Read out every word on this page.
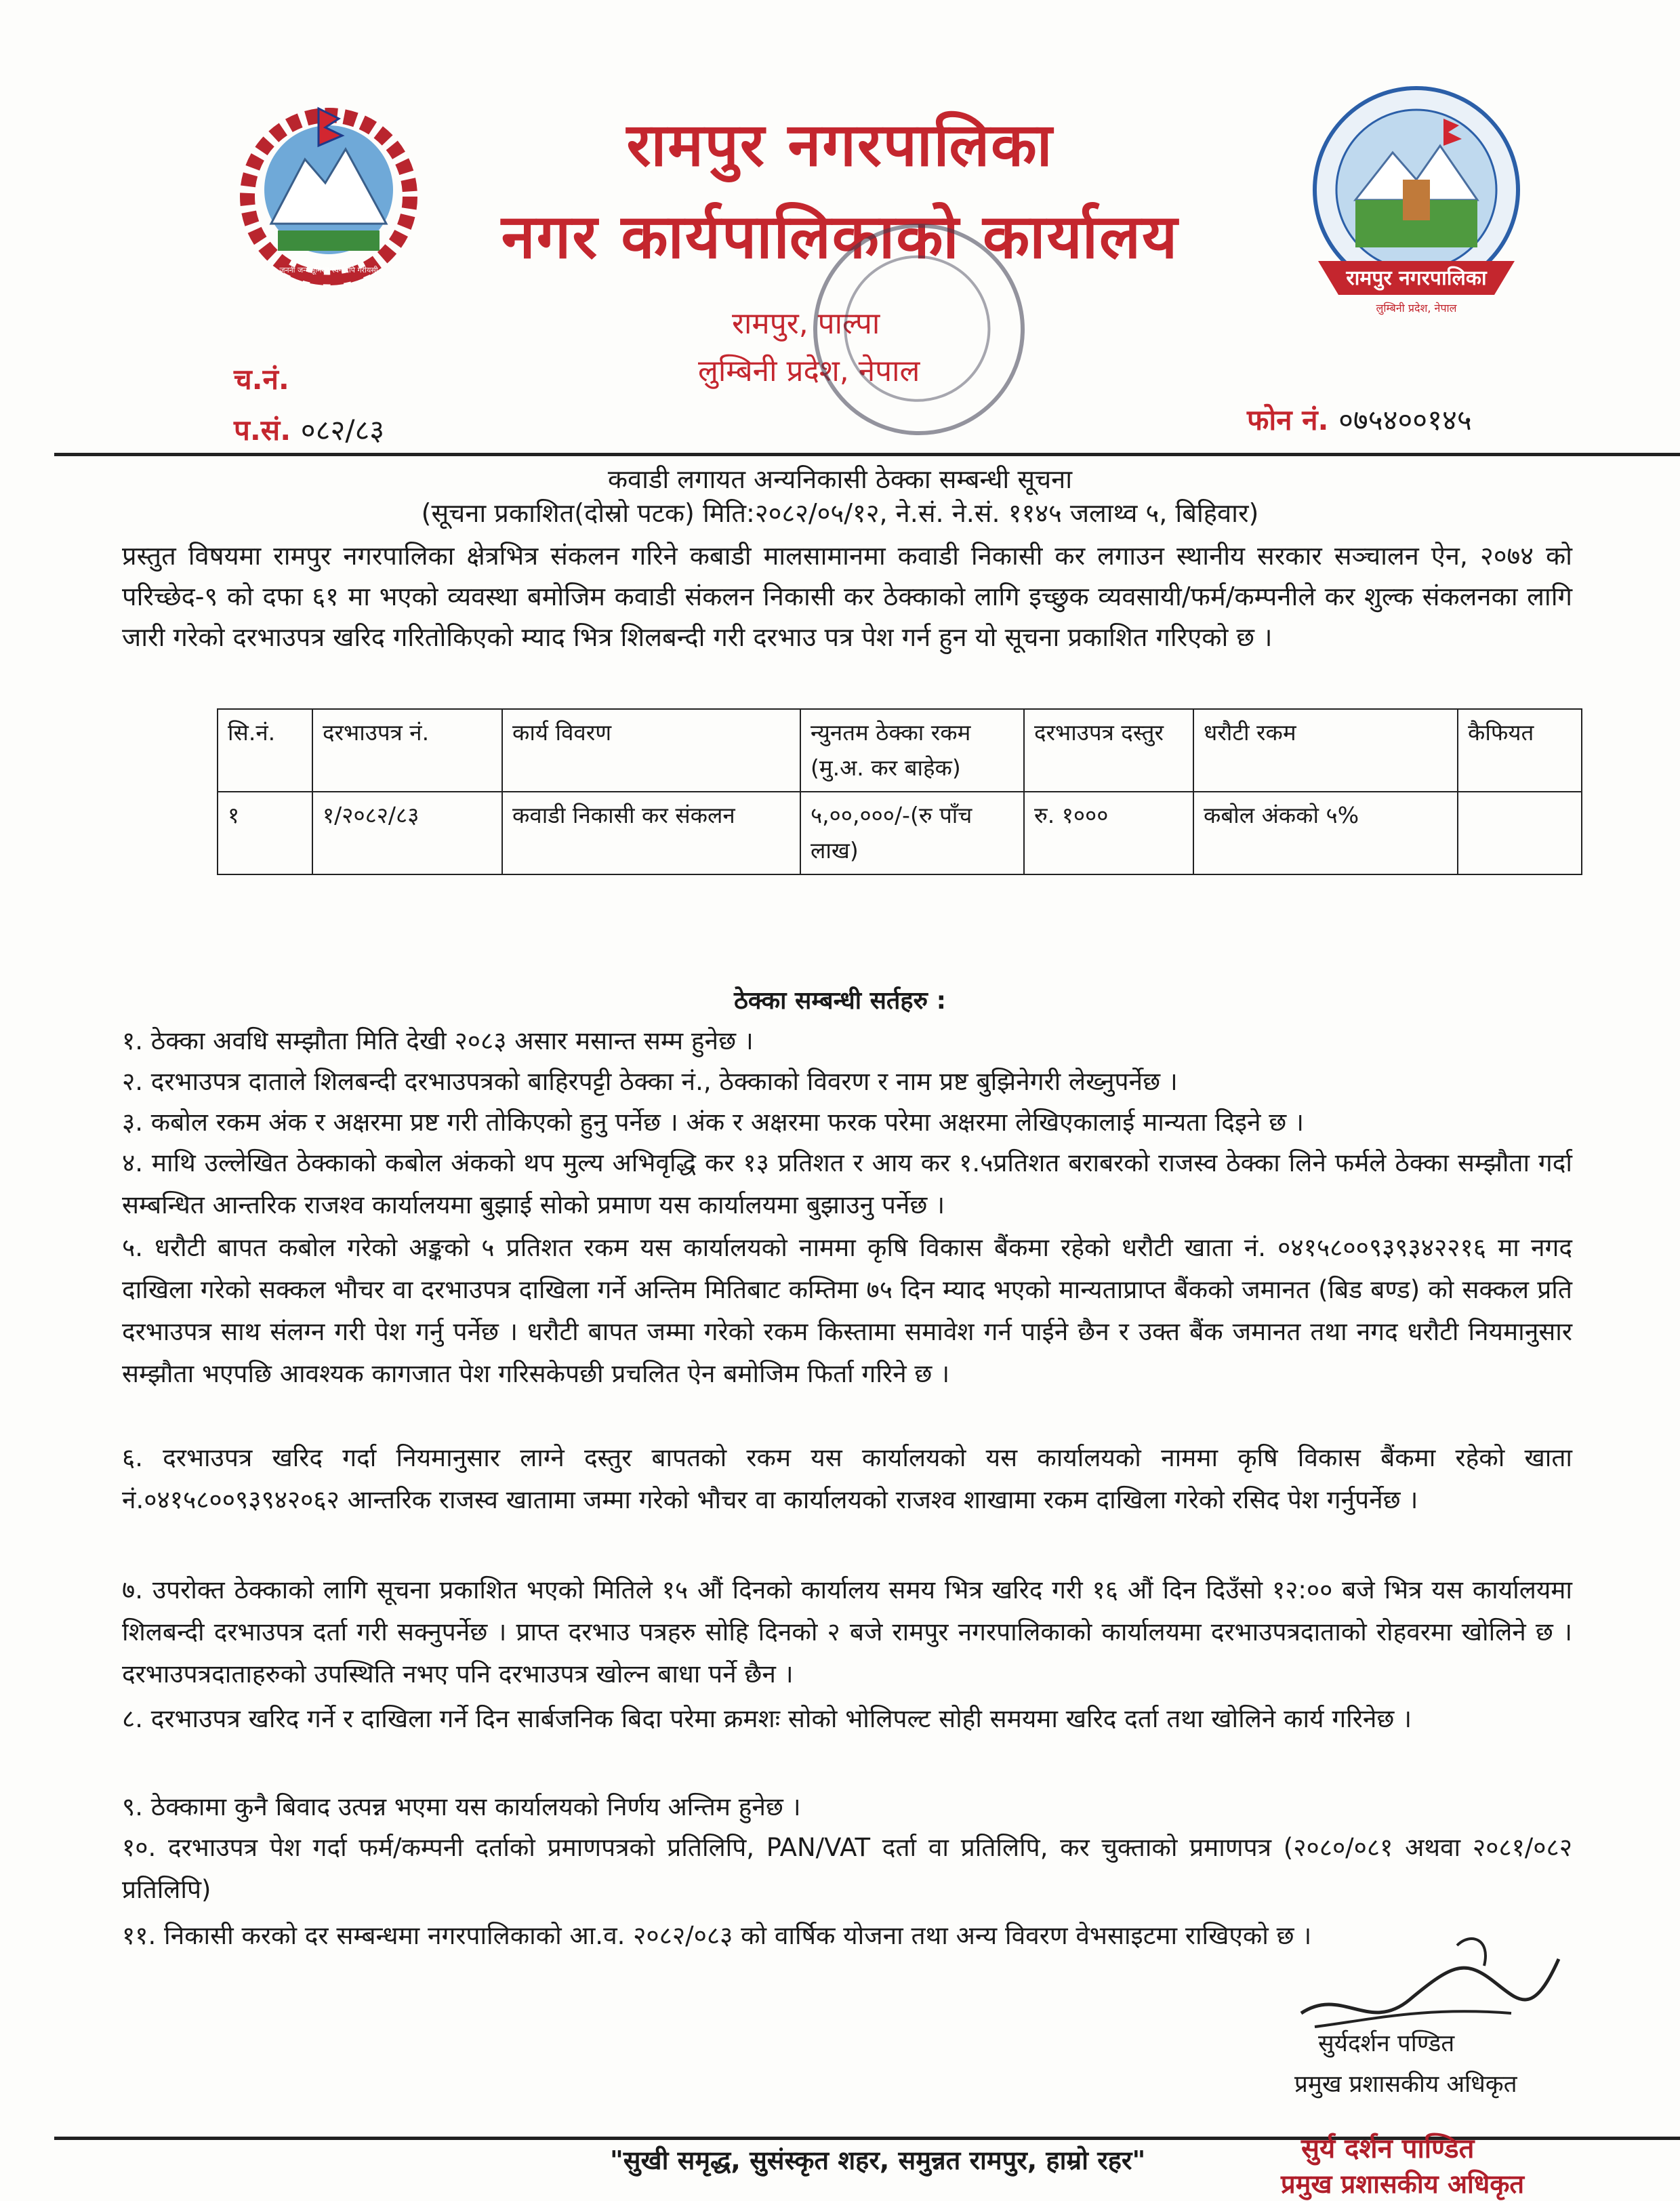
जननी जन्मभूमिश्च स्वर्गादपि गरीयसी	रामपुर नगरपालिका
लुम्बिनी प्रदेश, नेपाल
रामपुर नगरपालिका
नगर कार्यपालिकाको कार्यालय
रामपुर, पाल्पा
लुम्बिनी प्रदेश, नेपाल
च.नं.
प.सं. ०८२/८३	फोन नं. ०७५४००१४५
कवाडी लगायत अन्यनिकासी ठेक्का सम्बन्धी सूचना
(सूचना प्रकाशित(दोस्रो पटक) मिति:२०८२/०५/१२, ने.सं. ने.सं. ११४५ जलाथ्व ५, बिहिवार)
प्रस्तुत विषयमा रामपुर नगरपालिका क्षेत्रभित्र संकलन गरिने कबाडी मालसामानमा कवाडी निकासी कर लगाउन स्थानीय सरकार सञ्चालन ऐन, २०७४ को परिच्छेद-९ को दफा ६१ मा भएको व्यवस्था बमोजिम कवाडी संकलन निकासी कर ठेक्काको लागि इच्छुक व्यवसायी/फर्म/कम्पनीले कर शुल्क संकलनका लागि जारी गरेको दरभाउपत्र खरिद गरितोकिएको म्याद भित्र शिलबन्दी गरी दरभाउ पत्र पेश गर्न हुन यो सूचना प्रकाशित गरिएको छ ।
सि.नं.	दरभाउपत्र नं.	कार्य विवरण	न्युनतम ठेक्का रकम (मु.अ. कर बाहेक)	दरभाउपत्र दस्तुर	धरौटी रकम	कैफियत
१	१/२०८२/८३	कवाडी निकासी कर संकलन	५,००,०००/-(रु पाँच लाख)	रु. १०००	कबोल अंकको ५%	
ठेक्का सम्बन्धी सर्तहरु :
१. ठेक्का अवधि सम्झौता मिति देखी २०८३ असार मसान्त सम्म हुनेछ ।
२. दरभाउपत्र दाताले शिलबन्दी दरभाउपत्रको बाहिरपट्टी ठेक्का नं., ठेक्काको विवरण र नाम प्रष्ट बुझिनेगरी लेख्नुपर्नेछ ।
३. कबोल रकम अंक र अक्षरमा प्रष्ट गरी तोकिएको हुनु पर्नेछ । अंक र अक्षरमा फरक परेमा अक्षरमा लेखिएकालाई मान्यता दिइने छ ।
४. माथि उल्लेखित ठेक्काको कबोल अंकको थप मुल्य अभिवृद्धि कर १३ प्रतिशत र आय कर १.५प्रतिशत बराबरको राजस्व ठेक्का लिने फर्मले ठेक्का सम्झौता गर्दा सम्बन्धित आन्तरिक राजश्व कार्यालयमा बुझाई सोको प्रमाण यस कार्यालयमा बुझाउनु पर्नेछ ।
५. धरौटी बापत कबोल गरेको अङ्कको ५ प्रतिशत रकम यस कार्यालयको नाममा कृषि विकास बैंकमा रहेको धरौटी खाता नं. ०४१५८००९३९३४२२१६ मा नगद दाखिला गरेको सक्कल भौचर वा दरभाउपत्र दाखिला गर्ने अन्तिम मितिबाट कम्तिमा ७५ दिन म्याद भएको मान्यताप्राप्त बैंकको जमानत (बिड बण्ड) को सक्कल प्रति दरभाउपत्र साथ संलग्न गरी पेश गर्नु पर्नेछ । धरौटी बापत जम्मा गरेको रकम किस्तामा समावेश गर्न पाईने छैन र उक्त बैंक जमानत तथा नगद धरौटी नियमानुसार सम्झौता भएपछि आवश्यक कागजात पेश गरिसकेपछी प्रचलित ऐन बमोजिम फिर्ता गरिने छ ।
६. दरभाउपत्र खरिद गर्दा नियमानुसार लाग्ने दस्तुर बापतको रकम यस कार्यालयको यस कार्यालयको नाममा कृषि विकास बैंकमा रहेको खाता नं.०४१५८००९३९४२०६२ आन्तरिक राजस्व खातामा जम्मा गरेको भौचर वा कार्यालयको राजश्व शाखामा रकम दाखिला गरेको रसिद पेश गर्नुपर्नेछ ।
७. उपरोक्त ठेक्काको लागि सूचना प्रकाशित भएको मितिले १५ औं दिनको कार्यालय समय भित्र खरिद गरी १६ औं दिन दिउँसो १२:०० बजे भित्र यस कार्यालयमा शिलबन्दी दरभाउपत्र दर्ता गरी सक्नुपर्नेछ । प्राप्त दरभाउ पत्रहरु सोहि दिनको २ बजे रामपुर नगरपालिकाको कार्यालयमा दरभाउपत्रदाताको रोहवरमा खोलिने छ । दरभाउपत्रदाताहरुको उपस्थिति नभए पनि दरभाउपत्र खोल्न बाधा पर्ने छैन ।
८. दरभाउपत्र खरिद गर्ने र दाखिला गर्ने दिन सार्बजनिक बिदा परेमा क्रमशः सोको भोलिपल्ट सोही समयमा खरिद दर्ता तथा खोलिने कार्य गरिनेछ ।
९. ठेक्कामा कुनै बिवाद उत्पन्न भएमा यस कार्यालयको निर्णय अन्तिम हुनेछ ।
१०. दरभाउपत्र पेश गर्दा फर्म/कम्पनी दर्ताको प्रमाणपत्रको प्रतिलिपि, PAN/VAT दर्ता वा प्रतिलिपि, कर चुक्ताको प्रमाणपत्र (२०८०/०८१ अथवा २०८१/०८२ प्रतिलिपि)
११. निकासी करको दर सम्बन्धमा नगरपालिकाको आ.व. २०८२/०८३ को वार्षिक योजना तथा अन्य विवरण वेभसाइटमा राखिएको छ ।
सुर्यदर्शन पण्डित
प्रमुख प्रशासकीय अधिकृत
"सुखी समृद्ध, सुसंस्कृत शहर, समुन्नत रामपुर, हाम्रो रहर"	सुर्य दर्शन पाण्डित
प्रमुख प्रशासकीय अधिकृत
